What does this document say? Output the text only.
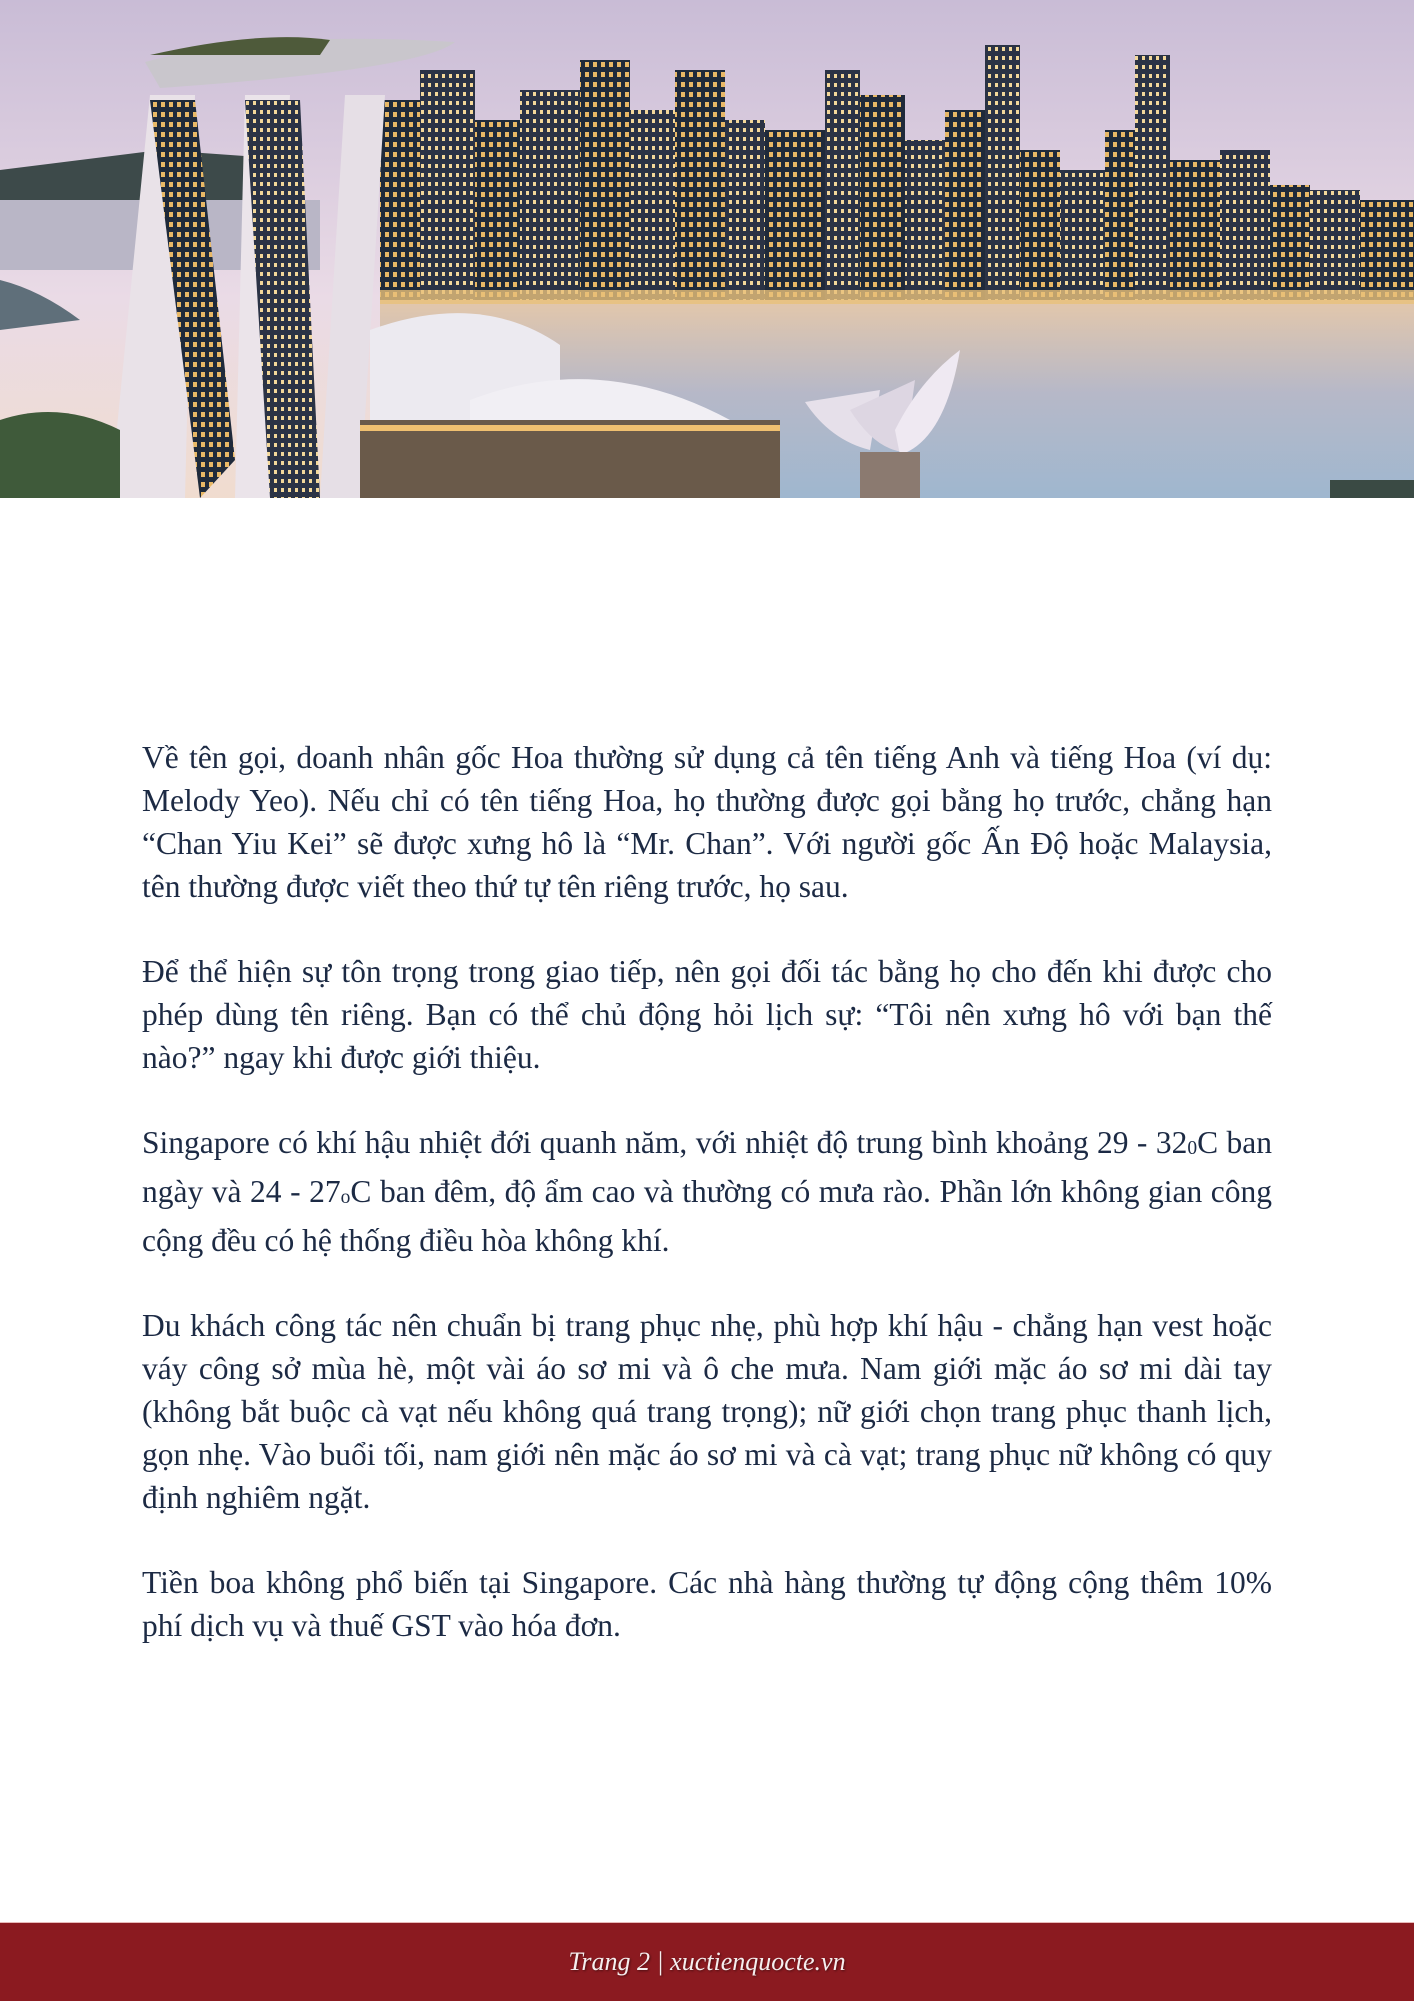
Về tên gọi, doanh nhân gốc Hoa thường sử dụng cả tên tiếng Anh và tiếng Hoa (ví dụ: Melody Yeo). Nếu chỉ có tên tiếng Hoa, họ thường được gọi bằng họ trước, chẳng hạn “Chan Yiu Kei” sẽ được xưng hô là “Mr. Chan”. Với người gốc Ấn Độ hoặc Malaysia, tên thường được viết theo thứ tự tên riêng trước, họ sau.

Để thể hiện sự tôn trọng trong giao tiếp, nên gọi đối tác bằng họ cho đến khi được cho phép dùng tên riêng. Bạn có thể chủ động hỏi lịch sự: “Tôi nên xưng hô với bạn thế nào?” ngay khi được giới thiệu.

Singapore có khí hậu nhiệt đới quanh năm, với nhiệt độ trung bình khoảng 29 - 320C ban ngày và 24 - 27oC ban đêm, độ ẩm cao và thường có mưa rào. Phần lớn không gian công cộng đều có hệ thống điều hòa không khí.

Du khách công tác nên chuẩn bị trang phục nhẹ, phù hợp khí hậu - chẳng hạn vest hoặc váy công sở mùa hè, một vài áo sơ mi và ô che mưa. Nam giới mặc áo sơ mi dài tay (không bắt buộc cà vạt nếu không quá trang trọng); nữ giới chọn trang phục thanh lịch, gọn nhẹ. Vào buổi tối, nam giới nên mặc áo sơ mi và cà vạt; trang phục nữ không có quy định nghiêm ngặt.

Tiền boa không phổ biến tại Singapore. Các nhà hàng thường tự động cộng thêm 10% phí dịch vụ và thuế GST vào hóa đơn.

Trang 2 | xuctienquocte.vn
